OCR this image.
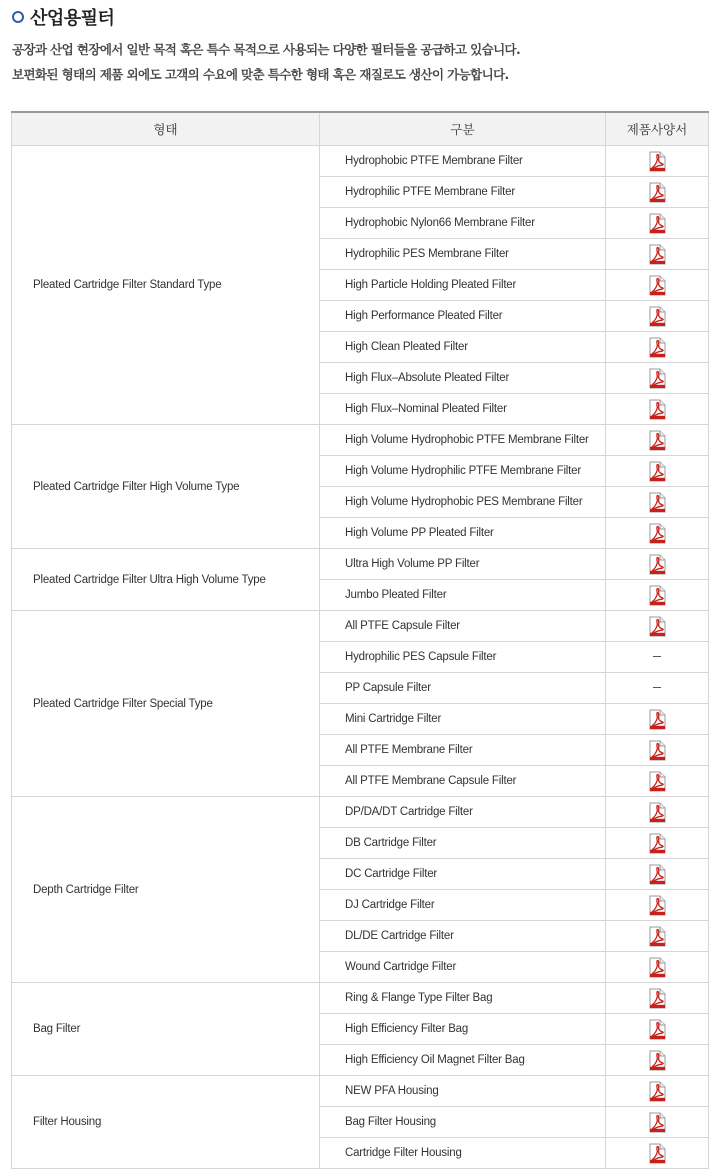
산업용필터
공장과 산업 현장에서 일반 목적 혹은 특수 목적으로 사용되는 다양한 필터들을 공급하고 있습니다.
보편화된 형태의 제품 외에도 고객의 수요에 맞춘 특수한 형태 혹은 재질로도 생산이 가능합니다.
형태	구분	제품사양서
Pleated Cartridge Filter Standard Type	Hydrophobic PTFE Membrane Filter	
	Hydrophilic PTFE Membrane Filter	
	Hydrophobic Nylon66 Membrane Filter	
	Hydrophilic PES Membrane Filter	
	High Particle Holding Pleated Filter	
	High Performance Pleated Filter	
	High Clean Pleated Filter	
	High Flux–Absolute Pleated Filter	
	High Flux–Nominal Pleated Filter	
Pleated Cartridge Filter High Volume Type	High Volume Hydrophobic PTFE Membrane Filter	
	High Volume Hydrophilic PTFE Membrane Filter	
	High Volume Hydrophobic PES Membrane Filter	
	High Volume PP Pleated Filter	
Pleated Cartridge Filter Ultra High Volume Type	Ultra High Volume PP Filter	
	Jumbo Pleated Filter	
Pleated Cartridge Filter Special Type	All PTFE Capsule Filter	
	Hydrophilic PES Capsule Filter	
	PP Capsule Filter	
	Mini Cartridge Filter	
	All PTFE Membrane Filter	
	All PTFE Membrane Capsule Filter	
Depth Cartridge Filter	DP/DA/DT Cartridge Filter	
	DB Cartridge Filter	
	DC Cartridge Filter	
	DJ Cartridge Filter	
	DL/DE Cartridge Filter	
	Wound Cartridge Filter	
Bag Filter	Ring & Flange Type Filter Bag	
	High Efficiency Filter Bag	
	High Efficiency Oil Magnet Filter Bag	
Filter Housing	NEW PFA Housing	
	Bag Filter Housing	
	Cartridge Filter Housing	
